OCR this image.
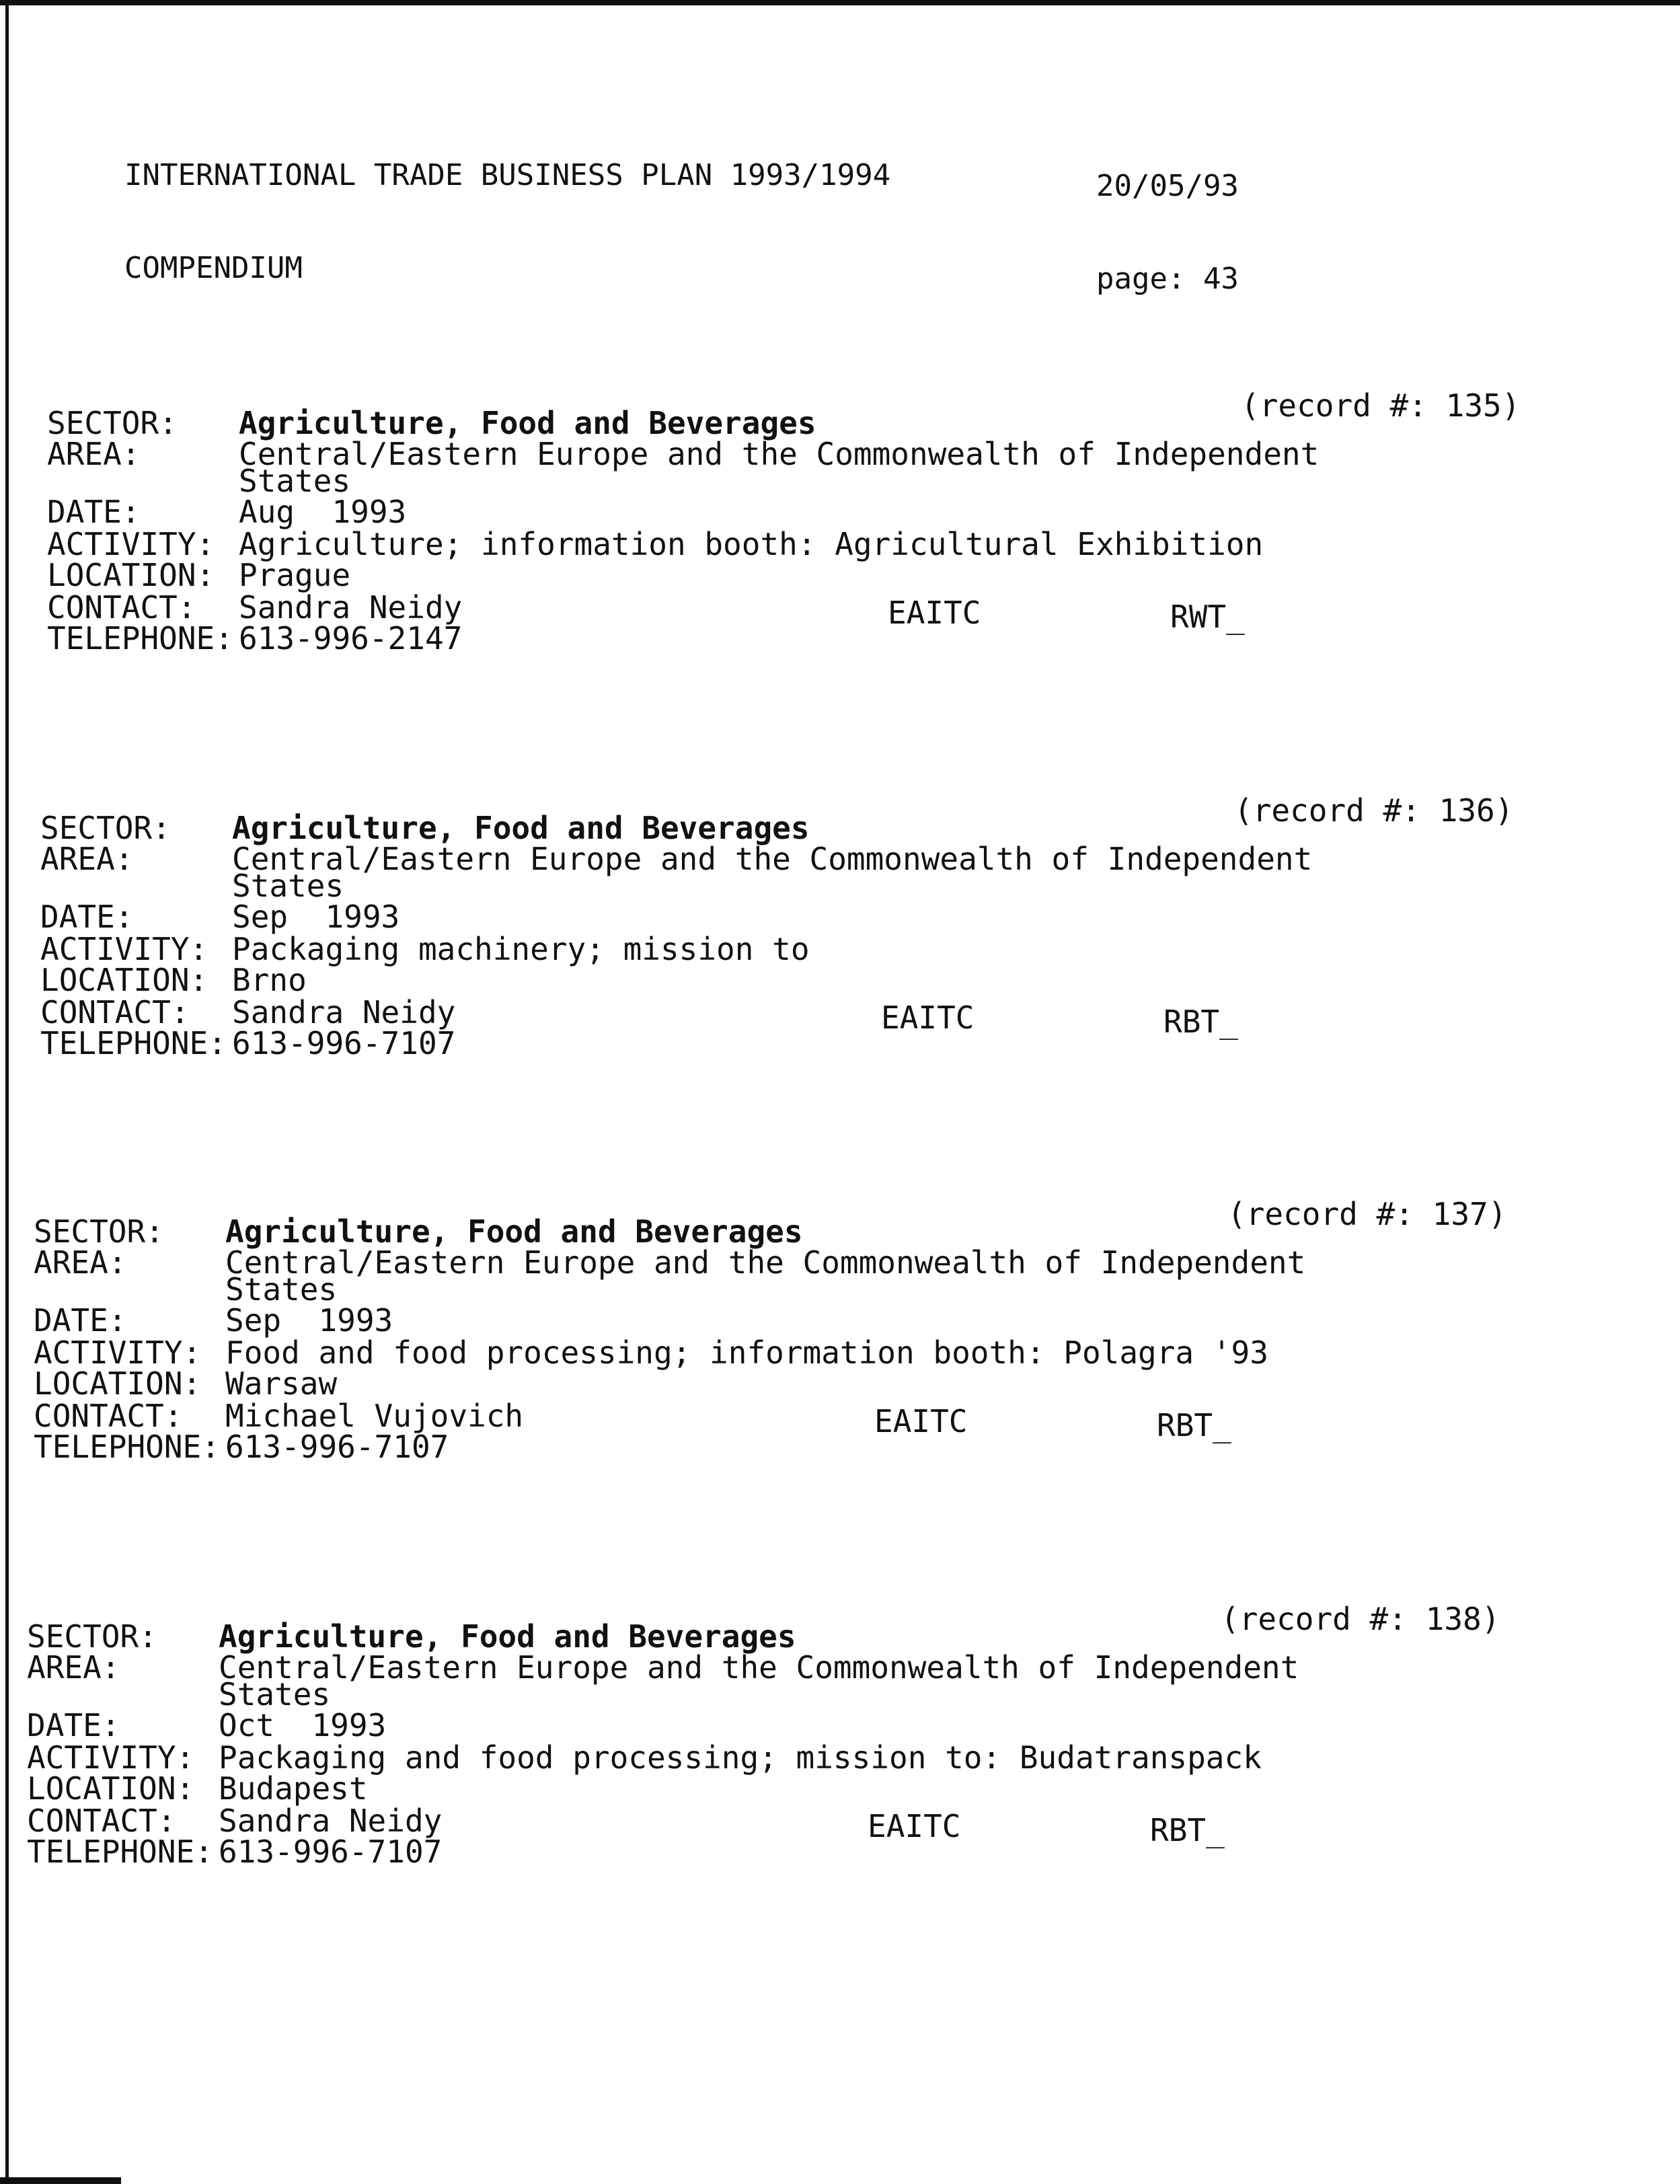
INTERNATIONAL TRADE BUSINESS PLAN 1993/1994

COMPENDIUM

20/05/93

page: 43

(record #: 135)
SECTOR: Agriculture, Food and Beverages
AREA:	Central/Eastern Europe and the Commonwealth of Independent
States
DATE:	Aug  1993
ACTIVITY: Agriculture; information booth: Agricultural Exhibition
LOCATION: Prague
CONTACT: Sandra Neidy	EAITC	RWT_
TELEPHONE: 613-996-2147
(record #: 136)
SECTOR: Agriculture, Food and Beverages
AREA:	Central/Eastern Europe and the Commonwealth of Independent
States
DATE:	Sep  1993
ACTIVITY: Packaging machinery; mission to
LOCATION: Brno
CONTACT: Sandra Neidy	EAITC	RBT_
TELEPHONE: 613-996-7107
(record #: 137)
SECTOR: Agriculture, Food and Beverages
AREA:	Central/Eastern Europe and the Commonwealth of Independent
States
DATE:	Sep  1993
ACTIVITY: Food and food processing; information booth: Polagra '93
LOCATION: Warsaw
CONTACT: Michael Vujovich	EAITC	RBT_
TELEPHONE: 613-996-7107
(record #: 138)
SECTOR: Agriculture, Food and Beverages
AREA:	Central/Eastern Europe and the Commonwealth of Independent
States
DATE:	Oct  1993
ACTIVITY: Packaging and food processing; mission to: Budatranspack
LOCATION: Budapest
CONTACT: Sandra Neidy	EAITC	RBT_
TELEPHONE: 613-996-7107
